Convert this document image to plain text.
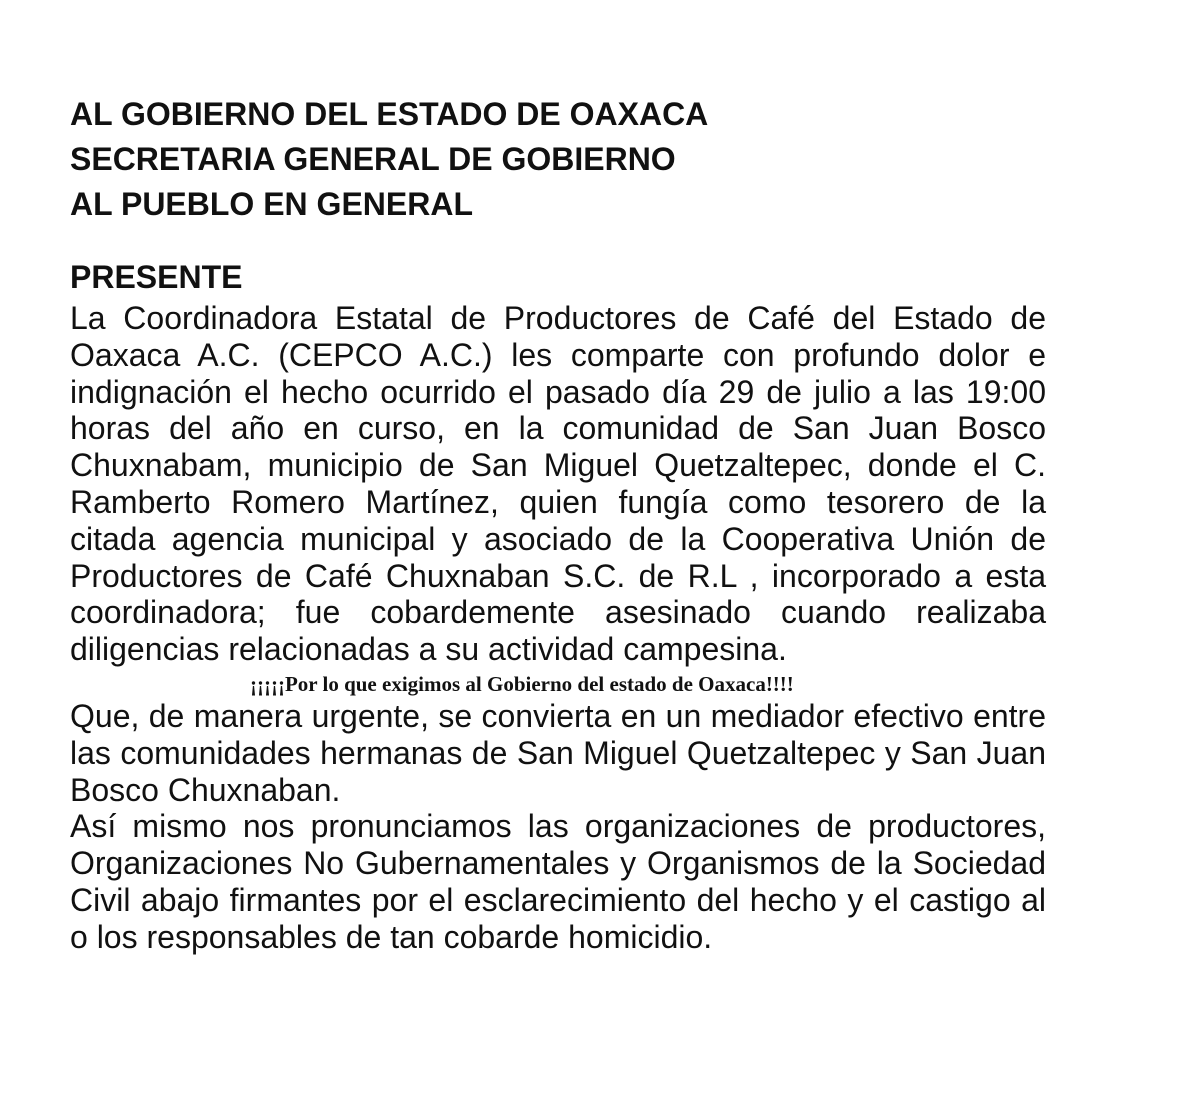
AL GOBIERNO DEL ESTADO DE OAXACA

SECRETARIA GENERAL DE GOBIERNO

AL PUEBLO EN GENERAL

PRESENTE

La Coordinadora Estatal de Productores de Café del Estado de Oaxaca A.C. (CEPCO A.C.) les comparte con profundo dolor e indignación el hecho ocurrido el pasado día 29 de julio a las 19:00 horas del año en curso, en la comunidad de San Juan Bosco Chuxnabam, municipio de San Miguel Quetzaltepec, donde el C. Ramberto Romero Martínez, quien fungía como tesorero de la citada agencia municipal y asociado de la Cooperativa Unión de Productores de Café Chuxnaban S.C. de R.L , incorporado a esta coordinadora; fue cobardemente asesinado cuando realizaba diligencias relacionadas a su actividad campesina.

¡¡¡¡¡Por lo que exigimos al Gobierno del estado de Oaxaca!!!!

Que, de manera urgente, se convierta en un mediador efectivo entre las comunidades hermanas de San Miguel Quetzaltepec y San Juan Bosco Chuxnaban.

Así mismo nos pronunciamos las organizaciones de productores, Organizaciones No Gubernamentales y Organismos de la Sociedad Civil abajo firmantes por el esclarecimiento del hecho y el castigo al o los responsables de tan cobarde homicidio.
